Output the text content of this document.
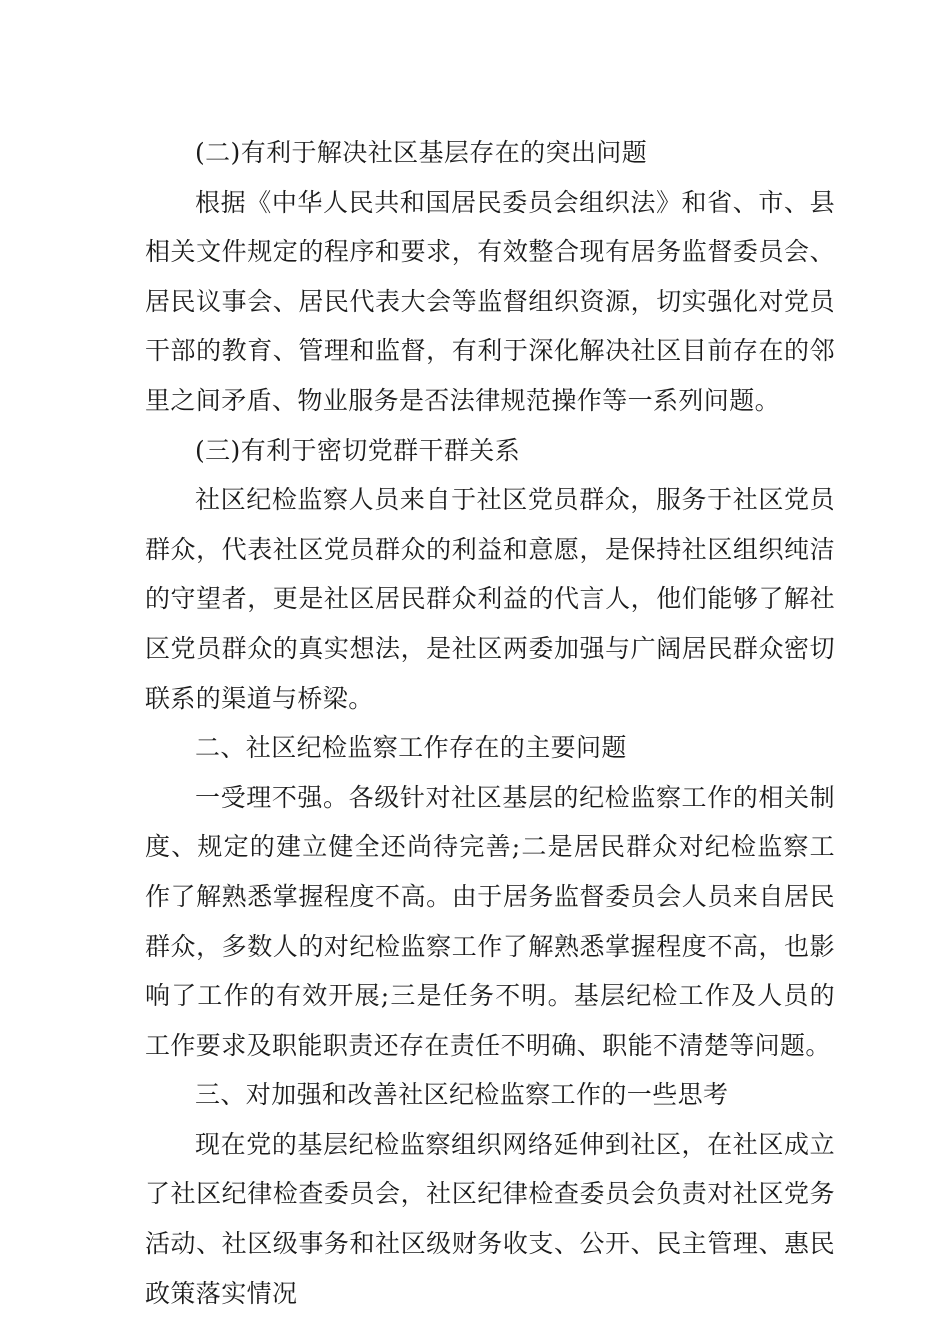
(二)有利于解决社区基层存在的突出问题

根据《中华人民共和国居民委员会组织法》和省、市、县相关文件规定的程序和要求，有效整合现有居务监督委员会、居民议事会、居民代表大会等监督组织资源，切实强化对党员干部的教育、管理和监督，有利于深化解决社区目前存在的邻里之间矛盾、物业服务是否法律规范操作等一系列问题。

(三)有利于密切党群干群关系

社区纪检监察人员来自于社区党员群众，服务于社区党员群众，代表社区党员群众的利益和意愿，是保持社区组织纯洁的守望者，更是社区居民群众利益的代言人，他们能够了解社区党员群众的真实想法，是社区两委加强与广阔居民群众密切联系的渠道与桥梁。

二、社区纪检监察工作存在的主要问题

一受理不强。各级针对社区基层的纪检监察工作的相关制度、规定的建立健全还尚待完善;二是居民群众对纪检监察工作了解熟悉掌握程度不高。由于居务监督委员会人员来自居民群众，多数人的对纪检监察工作了解熟悉掌握程度不高，也影响了工作的有效开展;三是任务不明。基层纪检工作及人员的工作要求及职能职责还存在责任不明确、职能不清楚等问题。

三、对加强和改善社区纪检监察工作的一些思考

现在党的基层纪检监察组织网络延伸到社区，在社区成立了社区纪律检查委员会，社区纪律检查委员会负责对社区党务活动、社区级事务和社区级财务收支、公开、民主管理、惠民政策落实情况
